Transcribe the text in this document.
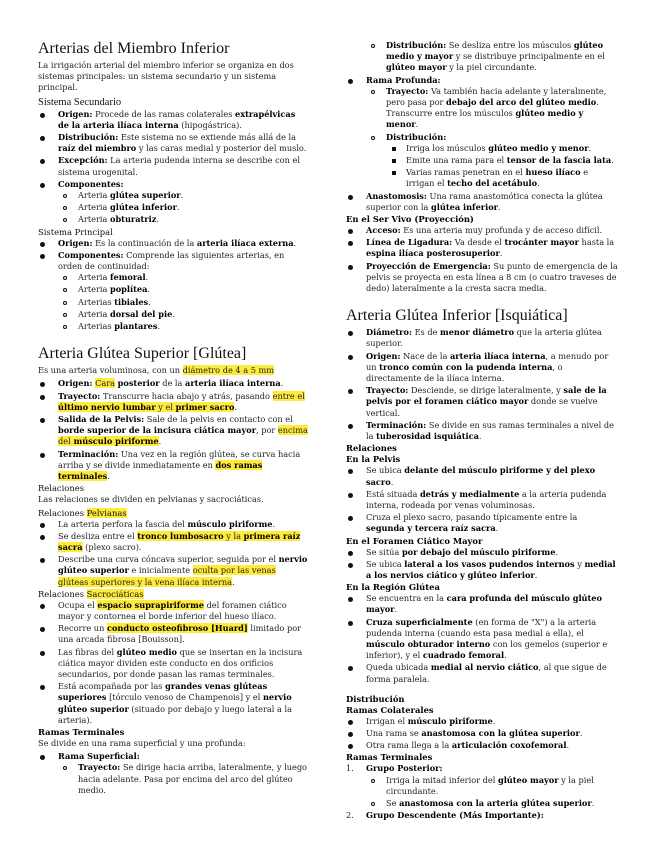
Arterias del Miembro Inferior

La irrigación arterial del miembro inferior se organiza en dos sistemas principales: un sistema secundario y un sistema principal.

Sistema Secundario
Origen: Procede de las ramas colaterales extrapélvicas de la arteria ilíaca interna (hipogástrica).
Distribución: Este sistema no se extiende más allá de la raíz del miembro y las caras medial y posterior del muslo.
Excepción: La arteria pudenda interna se describe con el sistema urogenital.
Componentes:
Arteria glútea superior.
Arteria glútea inferior.
Arteria obturatriz.
Sistema Principal
Origen: Es la continuación de la arteria ilíaca externa.
Componentes: Comprende las siguientes arterias, en orden de continuidad:
Arteria femoral.
Arteria poplítea.
Arterias tibiales.
Arteria dorsal del pie.
Arterias plantares.
Arteria Glútea Superior [Glútea]

Es una arteria voluminosa, con un diámetro de 4 a 5 mm

Origen: Cara posterior de la arteria ilíaca interna.
Trayecto: Transcurre hacia abajo y atrás, pasando entre el último nervio lumbar y el primer sacro.
Salida de la Pelvis: Sale de la pelvis en contacto con el borde superior de la incisura ciática mayor, por encima del músculo piriforme.
Terminación: Una vez en la región glútea, se curva hacia arriba y se divide inmediatamente en dos ramas terminales.
Relaciones

Las relaciones se dividen en pelvianas y sacrociáticas.

Relaciones Pelvianas
La arteria perfora la fascia del músculo piriforme.
Se desliza entre el tronco lumbosacro y la primera raíz sacra (plexo sacro).
Describe una curva cóncava superior, seguida por el nervio glúteo superior e inicialmente oculta por las venas glúteas superiores y la vena ilíaca interna.
Relaciones Sacrociáticas
Ocupa el espacio suprapiriforme del foramen ciático mayor y contornea el borde inferior del hueso ilíaco.
Recorre un conducto osteofibroso [Huard] limitado por una arcada fibrosa [Bouisson].
Las fibras del glúteo medio que se insertan en la incisura ciática mayor dividen este conducto en dos orificios secundarios, por donde pasan las ramas terminales.
Está acompañada por las grandes venas glúteas superiores [tórculo venoso de Champenois] y el nervio glúteo superior (situado por debajo y luego lateral a la arteria).
Ramas Terminales

Se divide en una rama superficial y una profunda:

Rama Superficial:
Trayecto: Se dirige hacia arriba, lateralmente, y luego hacia adelante. Pasa por encima del arco del glúteo medio.
Distribución: Se desliza entre los músculos glúteo medio y mayor y se distribuye principalmente en el glúteo mayor y la piel circundante.
Rama Profunda:
Trayecto: Va también hacia adelante y lateralmente, pero pasa por debajo del arco del glúteo medio. Transcurre entre los músculos glúteo medio y menor.
Distribución:
Irriga los músculos glúteo medio y menor.
Emite una rama para el tensor de la fascia lata.
Varias ramas penetran en el hueso ilíaco e irrigan el techo del acetábulo.
Anastomosis: Una rama anastomótica conecta la glútea superior con la glútea inferior.
En el Ser Vivo (Proyección)
Acceso: Es una arteria muy profunda y de acceso difícil.
Línea de Ligadura: Va desde el trocánter mayor hasta la espina ilíaca posterosuperior.
Proyección de Emergencia: Su punto de emergencia de la pelvis se proyecta en esta línea a 8 cm (o cuatro traveses de dedo) lateralmente a la cresta sacra media.
Arteria Glútea Inferior [Isquiática]
Diámetro: Es de menor diámetro que la arteria glútea superior.
Origen: Nace de la arteria ilíaca interna, a menudo por un tronco común con la pudenda interna, o directamente de la ilíaca interna.
Trayecto: Desciende, se dirige lateralmente, y sale de la pelvis por el foramen ciático mayor donde se vuelve vertical.
Terminación: Se divide en sus ramas terminales a nivel de la tuberosidad isquiática.
Relaciones
En la Pelvis
Se ubica delante del músculo piriforme y del plexo sacro.
Está situada detrás y medialmente a la arteria pudenda interna, rodeada por venas voluminosas.
Cruza el plexo sacro, pasando típicamente entre la segunda y tercera raíz sacra.
En el Foramen Ciático Mayor
Se sitúa por debajo del músculo piriforme.
Se ubica lateral a los vasos pudendos internos y medial a los nervios ciático y glúteo inferior.
En la Región Glútea
Se encuentra en la cara profunda del músculo glúteo mayor.
Cruza superficialmente (en forma de "X") a la arteria pudenda interna (cuando esta pasa medial a ella), el músculo obturador interno con los gemelos (superior e inferior), y el cuadrado femoral.
Queda ubicada medial al nervio ciático, al que sigue de forma paralela.
Distribución
Ramas Colaterales
Irrigan el músculo piriforme.
Una rama se anastomosa con la glútea superior.
Otra rama llega a la articulación coxofemoral.
Ramas Terminales
1. Grupo Posterior:
Irriga la mitad inferior del glúteo mayor y la piel circundante.
Se anastomosa con la arteria glútea superior.
2. Grupo Descendente (Más Importante):
